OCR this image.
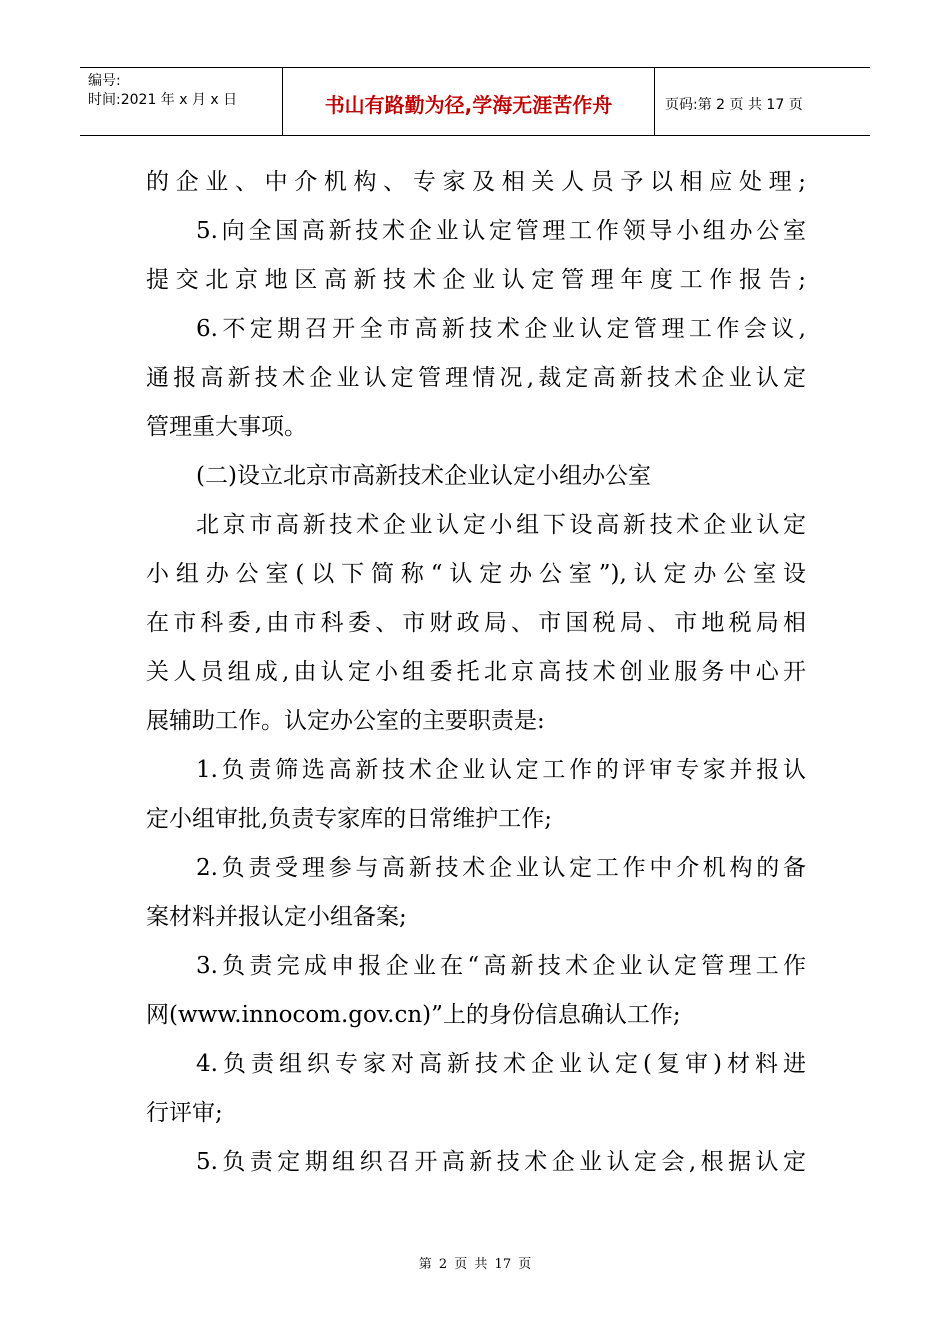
编号:
时间:2021 年 x 月 x 日	书山有路勤为径,学海无涯苦作舟	页码:第 2 页 共 17 页
的企业、中介机构、专家及相关人员予以相应处理;
5.向全国高新技术企业认定管理工作领导小组办公室
提交北京地区高新技术企业认定管理年度工作报告;
6.不定期召开全市高新技术企业认定管理工作会议,
通报高新技术企业认定管理情况,裁定高新技术企业认定
管理重大事项。
(二)设立北京市高新技术企业认定小组办公室
北京市高新技术企业认定小组下设高新技术企业认定
小组办公室(以下简称“认定办公室”),认定办公室设
在市科委,由市科委、市财政局、市国税局、市地税局相
关人员组成,由认定小组委托北京高技术创业服务中心开
展辅助工作。认定办公室的主要职责是:
1.负责筛选高新技术企业认定工作的评审专家并报认
定小组审批,负责专家库的日常维护工作;
2.负责受理参与高新技术企业认定工作中介机构的备
案材料并报认定小组备案;
3.负责完成申报企业在“高新技术企业认定管理工作
网(www.innocom.gov.cn)”上的身份信息确认工作;
4.负责组织专家对高新技术企业认定(复审)材料进
行评审;
5.负责定期组织召开高新技术企业认定会,根据认定
第 2 页 共 17 页
